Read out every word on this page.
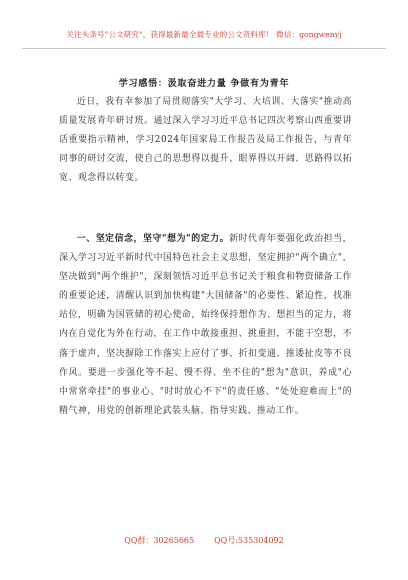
关注头条号"公文研究"，获得最新最全最专业的公文资料库！ 微信：gongwenyj
学习感悟：汲取奋进力量 争做有为青年
近日，我有幸参加了局贯彻落实"大学习、大培训、大落实"推动高质量发展青年研讨班。通过深入学习习近平总书记四次考察山西重要讲话重要指示精神，学习2024年国家局工作报告及局工作报告，与青年同事的研讨交流，使自己的思想得以提升、眼界得以开阔、思路得以拓宽、观念得以转变。
一、坚定信念，坚守"想为"的定力。新时代青年要强化政治担当，深入学习习近平新时代中国特色社会主义思想，坚定拥护"两个确立"，坚决做到"两个维护"，深刻领悟习近平总书记关于粮食和物资储备工作的重要论述，清醒认识到加快构建"大国储备"的必要性、紧迫性，找准站位，明确为国管储的初心使命，始终保持想作为、想担当的定力，将内在自觉化为外在行动，在工作中敢接重担、挑重担，不能干空想，不落于虚声，坚决摒除工作落实上应付了事、折扣变通、推诿扯皮等不良作风。要进一步强化等不起、慢不得、坐不住的"想为"意识，养成"心中常常牵挂"的事业心、"时时放心不下"的责任感、"处处迎难而上"的精气神，用党的创新理论武装头脑、指导实践、推动工作。
QQ群：30265665	QQ号:535304092
